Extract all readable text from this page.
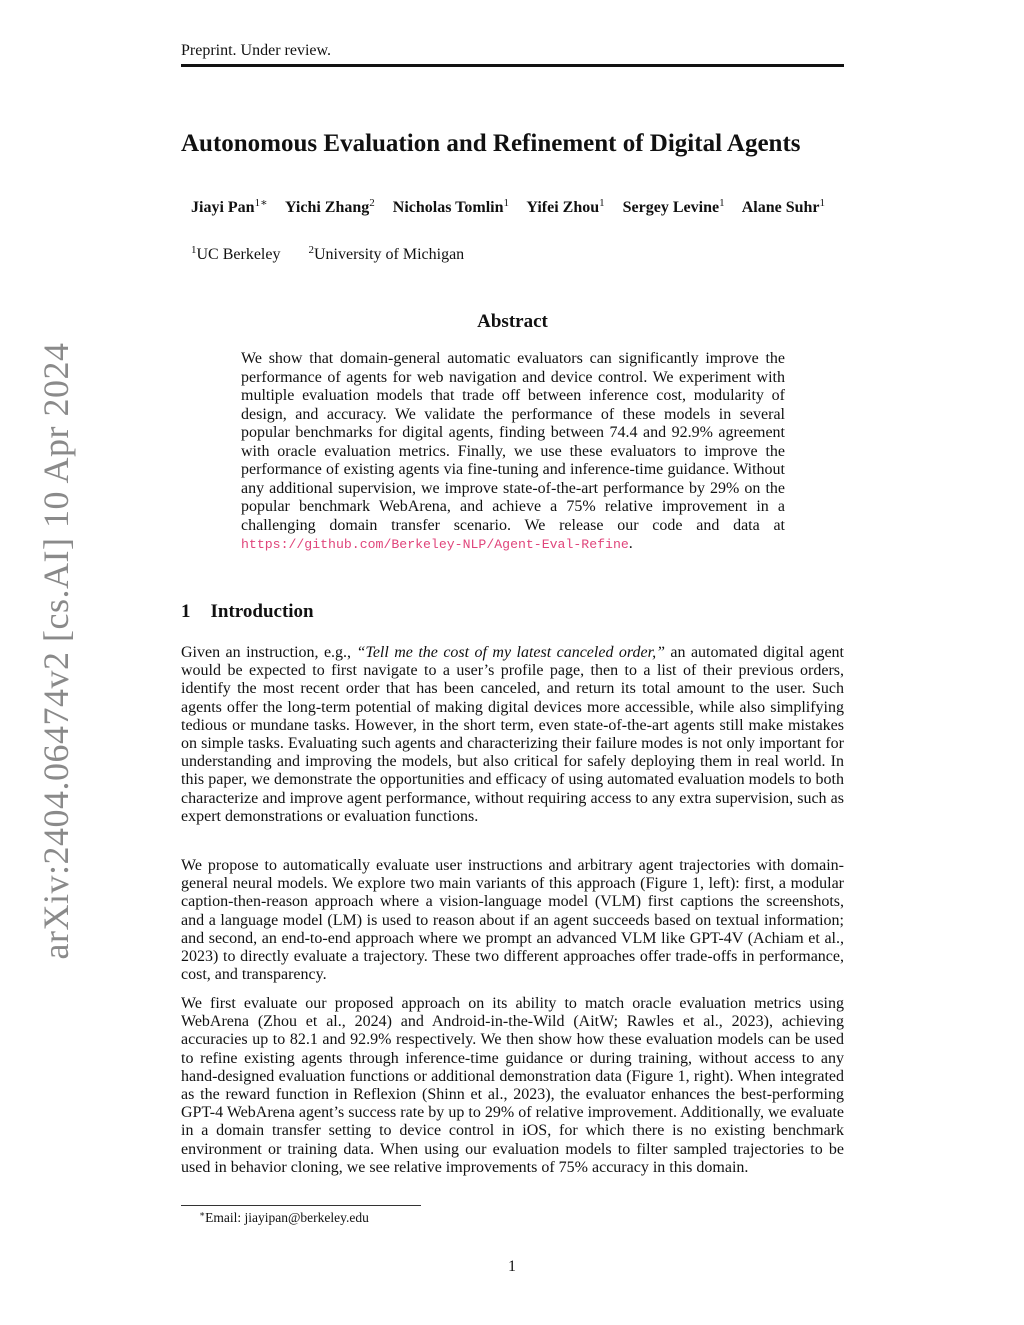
Preprint. Under review.
arXiv:2404.06474v2 [cs.AI] 10 Apr 2024
Autonomous Evaluation and Refinement of Digital Agents
Jiayi Pan$^{1∗}$ Yichi Zhang$^2$ Nicholas Tomlin$^1$ Yifei Zhou$^1$ Sergey Levine$^1$ Alane Suhr$^1$
$^1$UC Berkeley	$^2$University of Michigan
Abstract
We show that domain-general automatic evaluators can significantly improve the performance of agents for web navigation and device control. We experiment with multiple evaluation models that trade off between inference cost, modularity of design, and accuracy. We validate the performance of these models in several popular benchmarks for digital agents, finding between 74.4 and 92.9% agreement with oracle evaluation metrics. Finally, we use these evaluators to improve the performance of existing agents via fine-tuning and inference-time guidance. Without any additional supervision, we improve state-of-the-art performance by 29% on the popular benchmark WebArena, and achieve a 75% relative improvement in a challenging domain transfer scenario. We release our code and data at https://github.com/Berkeley-NLP/Agent-Eval-Refine.
1 Introduction

Given an instruction, e.g., “Tell me the cost of my latest canceled order,” an automated digital agent would be expected to first navigate to a user’s profile page, then to a list of their previous orders, identify the most recent order that has been canceled, and return its total amount to the user. Such agents offer the long-term potential of making digital devices more accessible, while also simplifying tedious or mundane tasks. However, in the short term, even state-of-the-art agents still make mistakes on simple tasks. Evaluating such agents and characterizing their failure modes is not only important for understanding and improving the models, but also critical for safely deploying them in real world. In this paper, we demonstrate the opportunities and efficacy of using automated evaluation models to both characterize and improve agent performance, without requiring access to any extra supervision, such as expert demonstrations or evaluation functions.

We propose to automatically evaluate user instructions and arbitrary agent trajectories with domain-general neural models. We explore two main variants of this approach (Figure 1, left): first, a modular caption-then-reason approach where a vision-language model (VLM) first captions the screenshots, and a language model (LM) is used to reason about if an agent succeeds based on textual information; and second, an end-to-end approach where we prompt an advanced VLM like GPT-4V (Achiam et al., 2023) to directly evaluate a trajectory. These two different approaches offer trade-offs in performance, cost, and transparency.

We first evaluate our proposed approach on its ability to match oracle evaluation metrics using WebArena (Zhou et al., 2024) and Android-in-the-Wild (AitW; Rawles et al., 2023), achieving accuracies up to 82.1 and 92.9% respectively. We then show how these evaluation models can be used to refine existing agents through inference-time guidance or during training, without access to any hand-designed evaluation functions or additional demonstration data (Figure 1, right). When integrated as the reward function in Reflexion (Shinn et al., 2023), the evaluator enhances the best-performing GPT-4 WebArena agent’s success rate by up to 29% of relative improvement. Additionally, we evaluate in a domain transfer setting to device control in iOS, for which there is no existing benchmark environment or training data. When using our evaluation models to filter sampled trajectories to be used in behavior cloning, we see relative improvements of 75% accuracy in this domain.

∗Email: jiayipan@berkeley.edu
1
